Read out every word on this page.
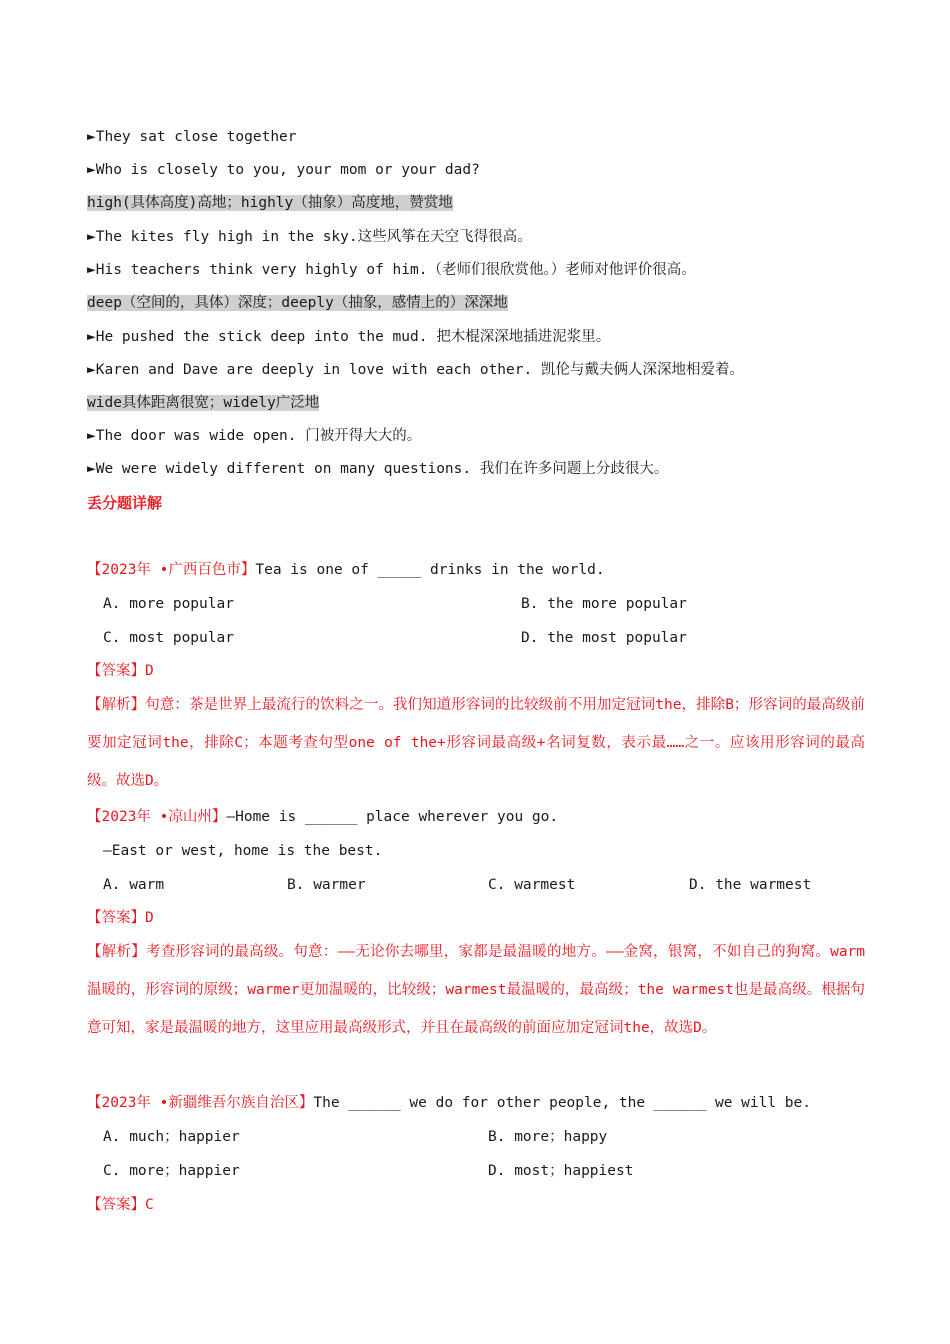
►They sat close together
►Who is closely to you, your mom or your dad?
high(具体高度)高地；highly（抽象）高度地，赞赏地
►The kites fly high in the sky.这些风筝在天空飞得很高。
►His teachers think very highly of him.（老师们很欣赏他。）老师对他评价很高。
deep（空间的，具体）深度；deeply（抽象，感情上的）深深地
►He pushed the stick deep into the mud. 把木棍深深地插进泥浆里。
►Karen and Dave are deeply in love with each other. 凯伦与戴夫俩人深深地相爱着。
wide具体距离很宽；widely广泛地
►The door was wide open. 门被开得大大的。
►We were widely different on many questions. 我们在许多问题上分歧很大。
丢分题详解
【2023年 •广西百色市】Tea is one of _____ drinks in the world.
A. more popular	B. the more popular
C. most popular	D. the most popular
【答案】D
【解析】句意：茶是世界上最流行的饮料之一。我们知道形容词的比较级前不用加定冠词the，排除B；形容词的最高级前要加定冠词the，排除C；本题考查句型one of the+形容词最高级+名词复数，表示最……之一。应该用形容词的最高级。故选D。
【2023年 •凉山州】—Home is ______ place wherever you go.
—East or west, home is the best.
A. warm	B. warmer	C. warmest	D. the warmest
【答案】D
【解析】考查形容词的最高级。句意：——无论你去哪里，家都是最温暖的地方。——金窝，银窝，不如自己的狗窝。warm 温暖的，形容词的原级；warmer更加温暖的，比较级；warmest最温暖的，最高级；the warmest也是最高级。根据句意可知，家是最温暖的地方，这里应用最高级形式，并且在最高级的前面应加定冠词the，故选D。
【2023年 •新疆维吾尔族自治区】The ______ we do for other people, the ______ we will be.
A. much；happier	B. more；happy
C. more；happier	D. most；happiest
【答案】C
